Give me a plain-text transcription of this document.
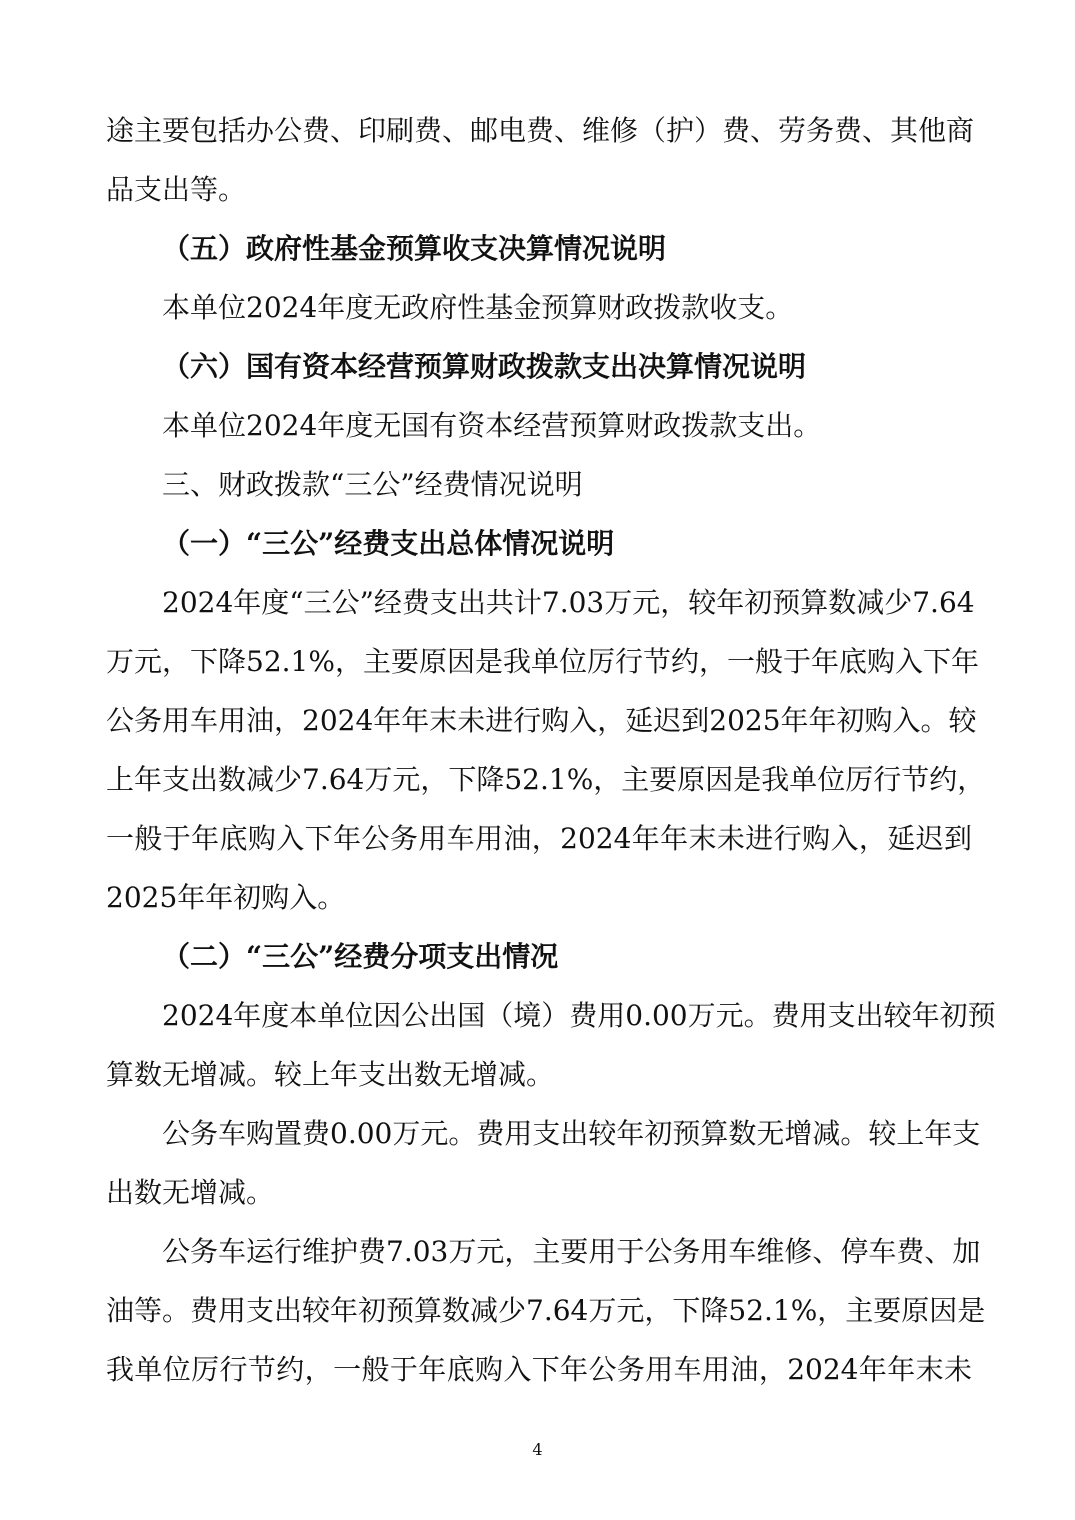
途主要包括办公费、印刷费、邮电费、维修（护）费、劳务费、其他商
品支出等。
（五）政府性基金预算收支决算情况说明
本单位2024年度无政府性基金预算财政拨款收支。
（六）国有资本经营预算财政拨款支出决算情况说明
本单位2024年度无国有资本经营预算财政拨款支出。
三、财政拨款“三公”经费情况说明
（一）“三公”经费支出总体情况说明
2024年度“三公”经费支出共计7.03万元，较年初预算数减少7.64
万元，下降52.1%，主要原因是我单位厉行节约，一般于年底购入下年
公务用车用油，2024年年末未进行购入，延迟到2025年年初购入。较
上年支出数减少7.64万元，下降52.1%，主要原因是我单位厉行节约，
一般于年底购入下年公务用车用油，2024年年末未进行购入，延迟到
2025年年初购入。
（二）“三公”经费分项支出情况
2024年度本单位因公出国（境）费用0.00万元。费用支出较年初预
算数无增减。较上年支出数无增减。
公务车购置费0.00万元。费用支出较年初预算数无增减。较上年支
出数无增减。
公务车运行维护费7.03万元，主要用于公务用车维修、停车费、加
油等。费用支出较年初预算数减少7.64万元，下降52.1%，主要原因是
我单位厉行节约，一般于年底购入下年公务用车用油，2024年年末未
4
